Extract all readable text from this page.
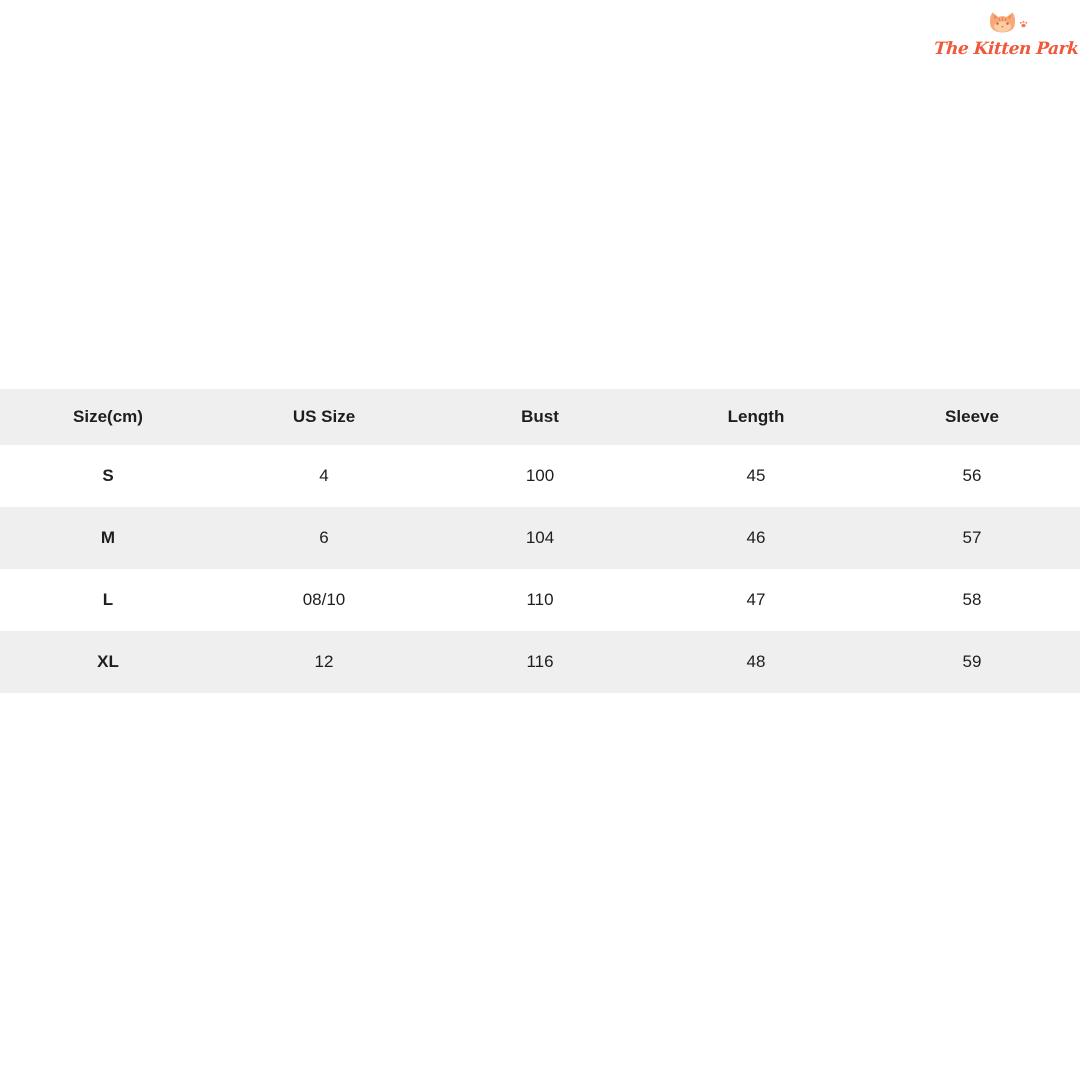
The Kitten Park
Size(cm)	US Size	Bust	Length	Sleeve
S	4	100	45	56
M	6	104	46	57
L	08/10	110	47	58
XL	12	116	48	59
